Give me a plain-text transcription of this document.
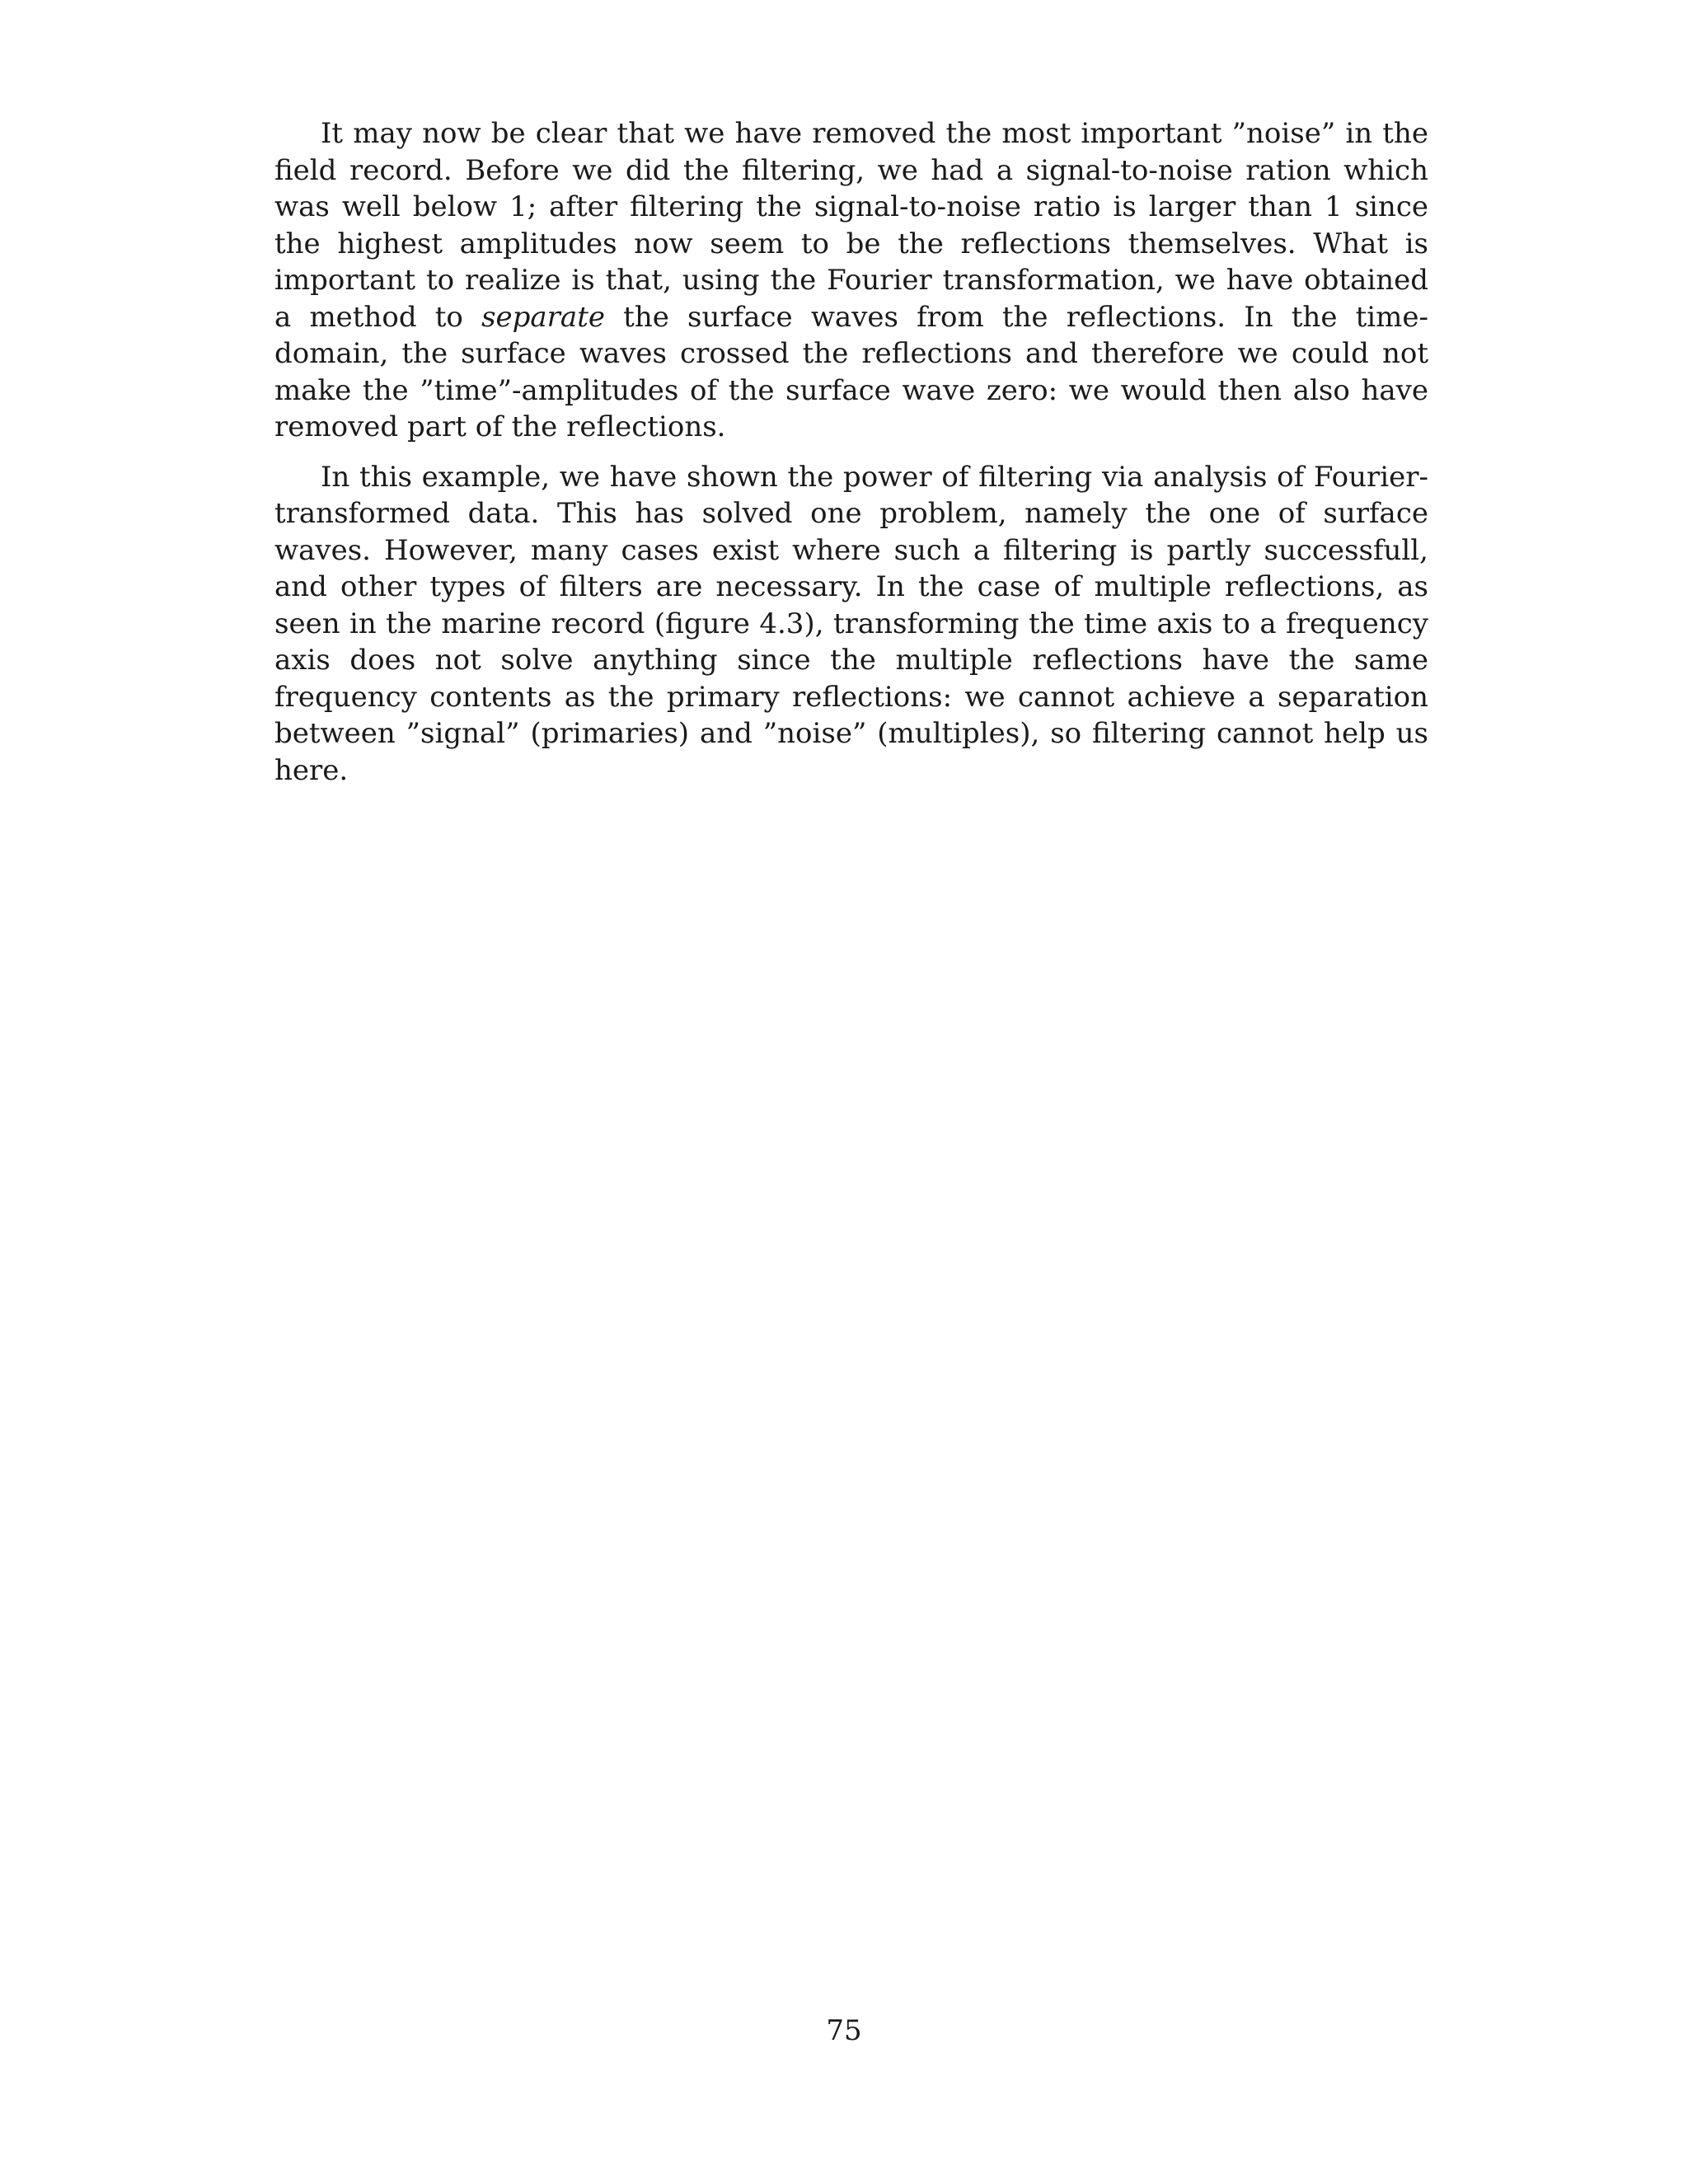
It may now be clear that we have removed the most important ”noise” in the field record. Before we did the filtering, we had a signal-to-noise ration which was well below 1; after filtering the signal-to-noise ratio is larger than 1 since the highest amplitudes now seem to be the reflections themselves. What is important to realize is that, using the Fourier transformation, we have obtained a method to separate the surface waves from the reflections. In the time-domain, the surface waves crossed the reflections and therefore we could not make the ”time”-amplitudes of the surface wave zero: we would then also have removed part of the reflections.

In this example, we have shown the power of filtering via analysis of Fourier-transformed data. This has solved one problem, namely the one of surface waves. However, many cases exist where such a filtering is partly successfull, and other types of filters are necessary. In the case of multiple reflections, as seen in the marine record (figure 4.3), transforming the time axis to a frequency axis does not solve anything since the multiple reflections have the same frequency contents as the primary reflections: we cannot achieve a separation between ”signal” (primaries) and ”noise” (multiples), so filtering cannot help us here.

75
